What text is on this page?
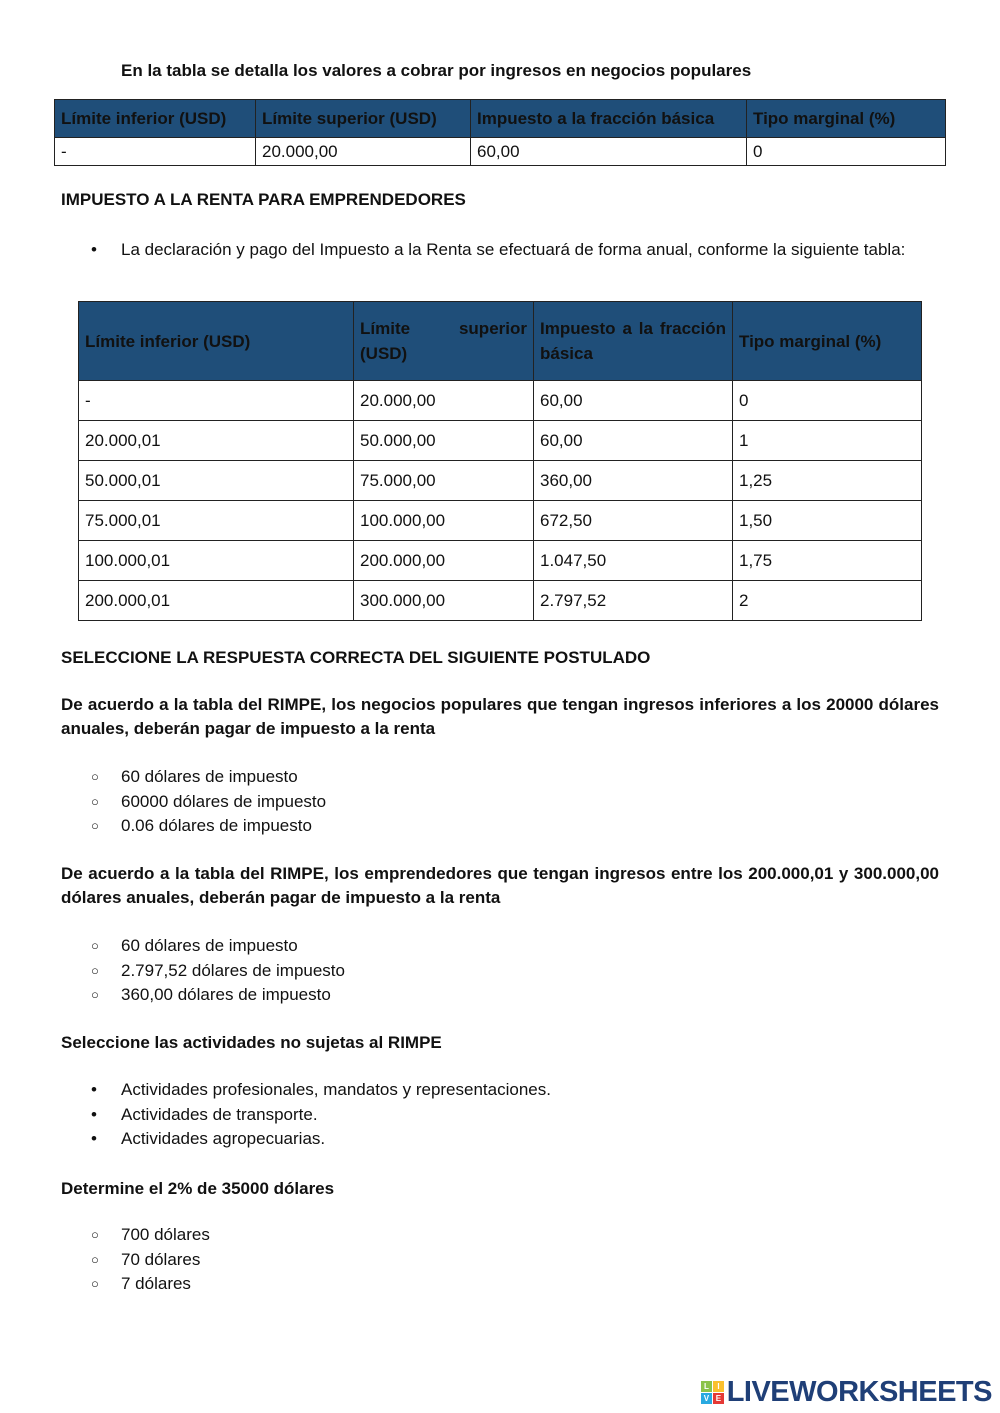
En la tabla se detalla los valores a cobrar por ingresos en negocios populares
Límite inferior (USD)	Límite superior (USD)	Impuesto a la fracción básica	Tipo marginal (%)
-	20.000,00	60,00	0
IMPUESTO A LA RENTA PARA EMPRENDEDORES
• La declaración y pago del Impuesto a la Renta se efectuará de forma anual, conforme la siguiente tabla:
Límite inferior (USD)	Límite superior (USD)	Impuesto a la fracción básica	Tipo marginal (%)
-	20.000,00	60,00	0
20.000,01	50.000,00	60,00	1
50.000,01	75.000,00	360,00	1,25
75.000,01	100.000,00	672,50	1,50
100.000,01	200.000,00	1.047,50	1,75
200.000,01	300.000,00	2.797,52	2
SELECCIONE LA RESPUESTA CORRECTA DEL SIGUIENTE POSTULADO
De acuerdo a la tabla del RIMPE, los negocios populares que tengan ingresos inferiores a los 20000 dólares anuales, deberán pagar de impuesto a la renta
○ 60 dólares de impuesto
○ 60000 dólares de impuesto
○ 0.06 dólares de impuesto
De acuerdo a la tabla del RIMPE, los emprendedores que tengan ingresos entre los 200.000,01 y 300.000,00 dólares anuales, deberán pagar de impuesto a la renta
○ 60 dólares de impuesto
○ 2.797,52 dólares de impuesto
○ 360,00 dólares de impuesto
Seleccione las actividades no sujetas al RIMPE
• Actividades profesionales, mandatos y representaciones.
• Actividades de transporte.
• Actividades agropecuarias.
Determine el 2% de 35000 dólares
○ 700 dólares
○ 70 dólares
○ 7 dólares
L	I
V E LIVEWORKSHEETS
